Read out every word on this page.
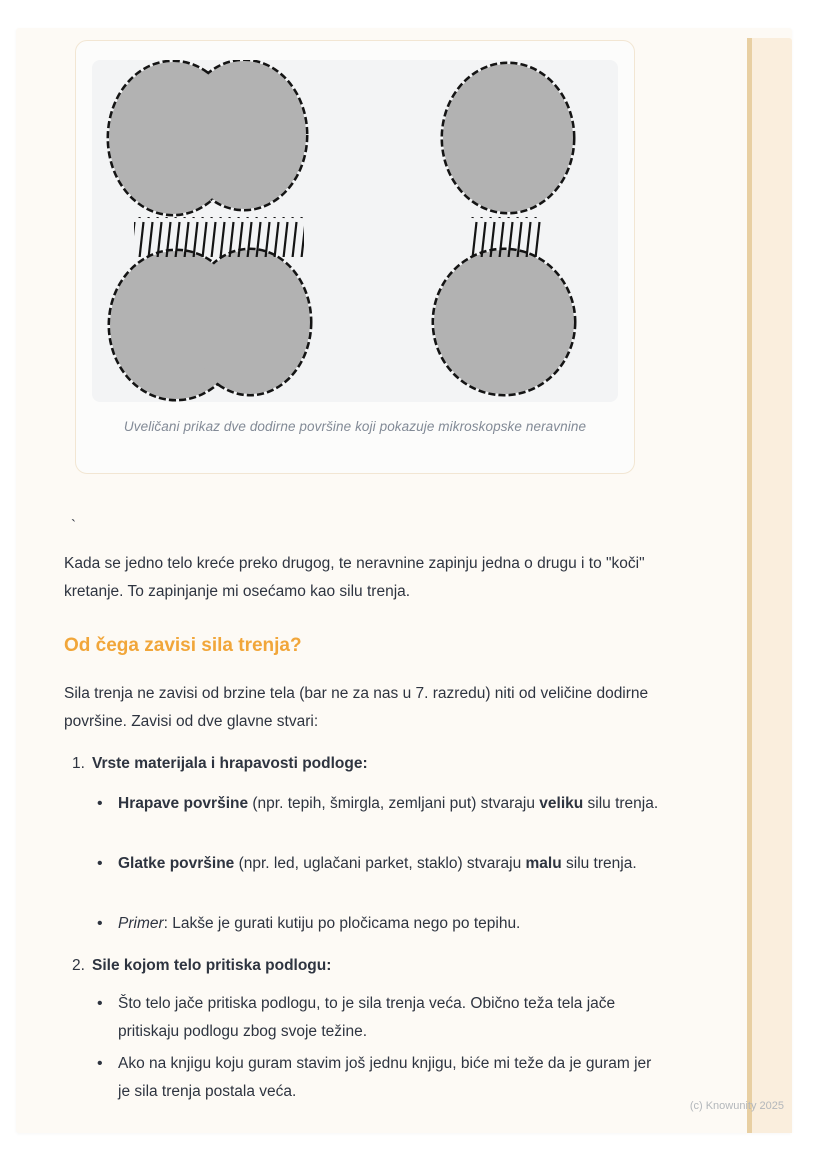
Uveličani prikaz dve dodirne površine koji pokazuje mikroskopske neravnine
`
Kada se jedno telo kreće preko drugog, te neravnine zapinju jedna o drugu i to "koči" kretanje. To zapinjanje mi osećamo kao silu trenja.
Od čega zavisi sila trenja?
Sila trenja ne zavisi od brzine tela (bar ne za nas u 7. razredu) niti od veličine dodirne površine. Zavisi od dve glavne stvari:
1. Vrste materijala i hrapavosti podloge:
• Hrapave površine (npr. tepih, šmirgla, zemljani put) stvaraju veliku silu trenja.
• Glatke površine (npr. led, uglačani parket, staklo) stvaraju malu silu trenja.
• Primer: Lakše je gurati kutiju po pločicama nego po tepihu.
2. Sile kojom telo pritiska podlogu:
• Što telo jače pritiska podlogu, to je sila trenja veća. Obično teža tela jače pritiskaju podlogu zbog svoje težine.
• Ako na knjigu koju guram stavim još jednu knjigu, biće mi teže da je guram jer je sila trenja postala veća.
(c) Knowunity 2025
